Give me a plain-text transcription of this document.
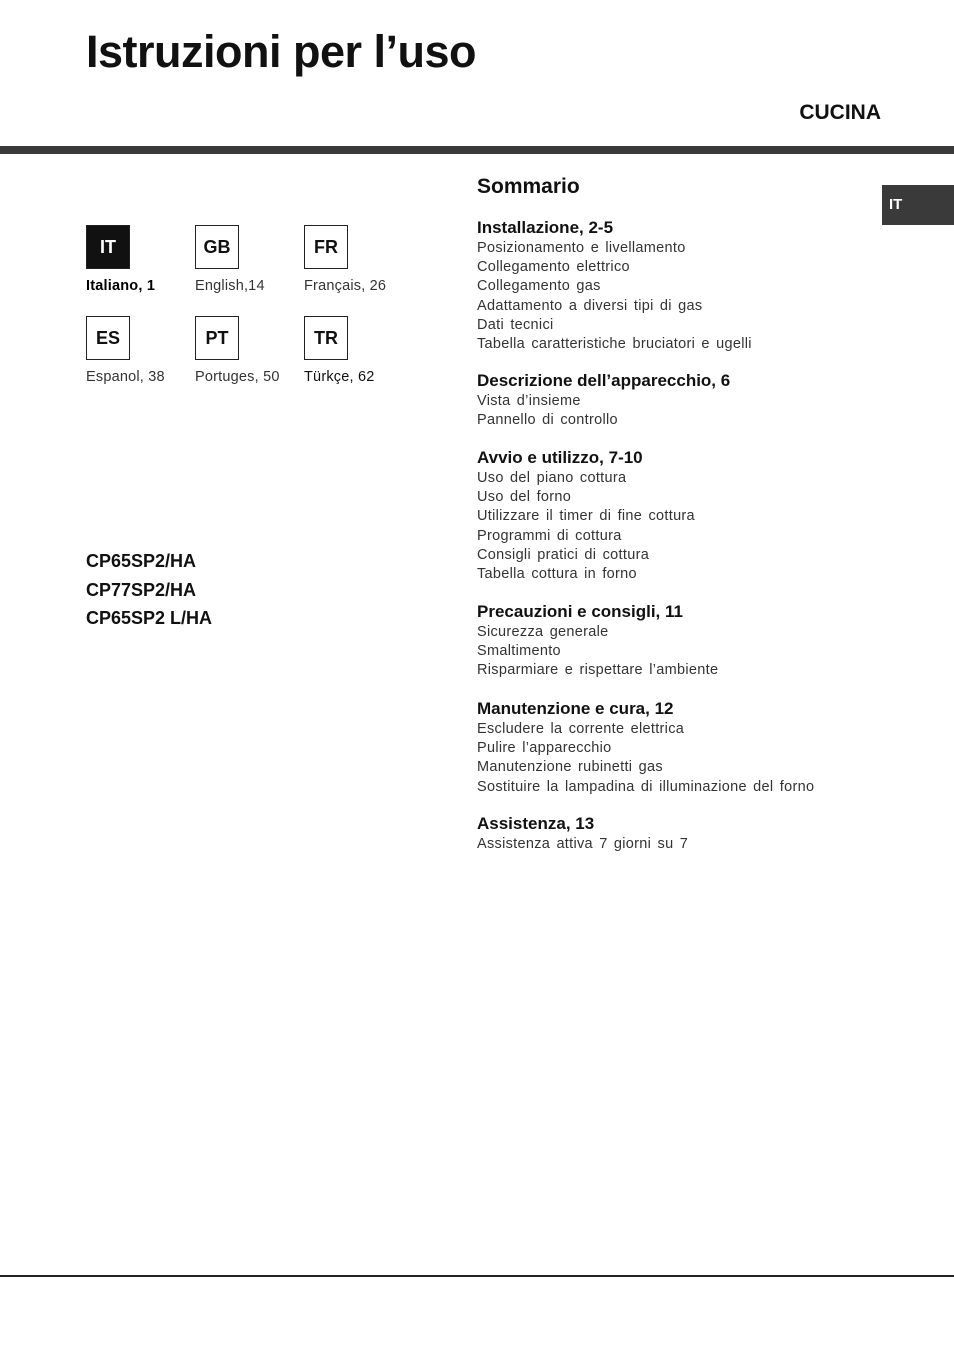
Istruzioni per l’uso
CUCINA
IT
IT
Italiano, 1
GB
English,14
FR
Français, 26
ES
Espanol, 38
PT
Portuges, 50
TR
Türkçe, 62
CP65SP2/HA
CP77SP2/HA
CP65SP2 L/HA
Sommario
Installazione, 2-5
Posizionamento e livellamento
Collegamento elettrico
Collegamento gas
Adattamento a diversi tipi di gas
Dati tecnici
Tabella caratteristiche bruciatori e ugelli
Descrizione dell’apparecchio, 6
Vista d’insieme
Pannello di controllo
Avvio e utilizzo, 7-10
Uso del piano cottura
Uso del forno
Utilizzare il timer di fine cottura
Programmi di cottura
Consigli pratici di cottura
Tabella cottura in forno
Precauzioni e consigli, 11
Sicurezza generale
Smaltimento
Risparmiare e rispettare l’ambiente
Manutenzione e cura, 12
Escludere la corrente elettrica
Pulire l’apparecchio
Manutenzione rubinetti gas
Sostituire la lampadina di illuminazione del forno
Assistenza, 13
Assistenza attiva 7 giorni su 7
